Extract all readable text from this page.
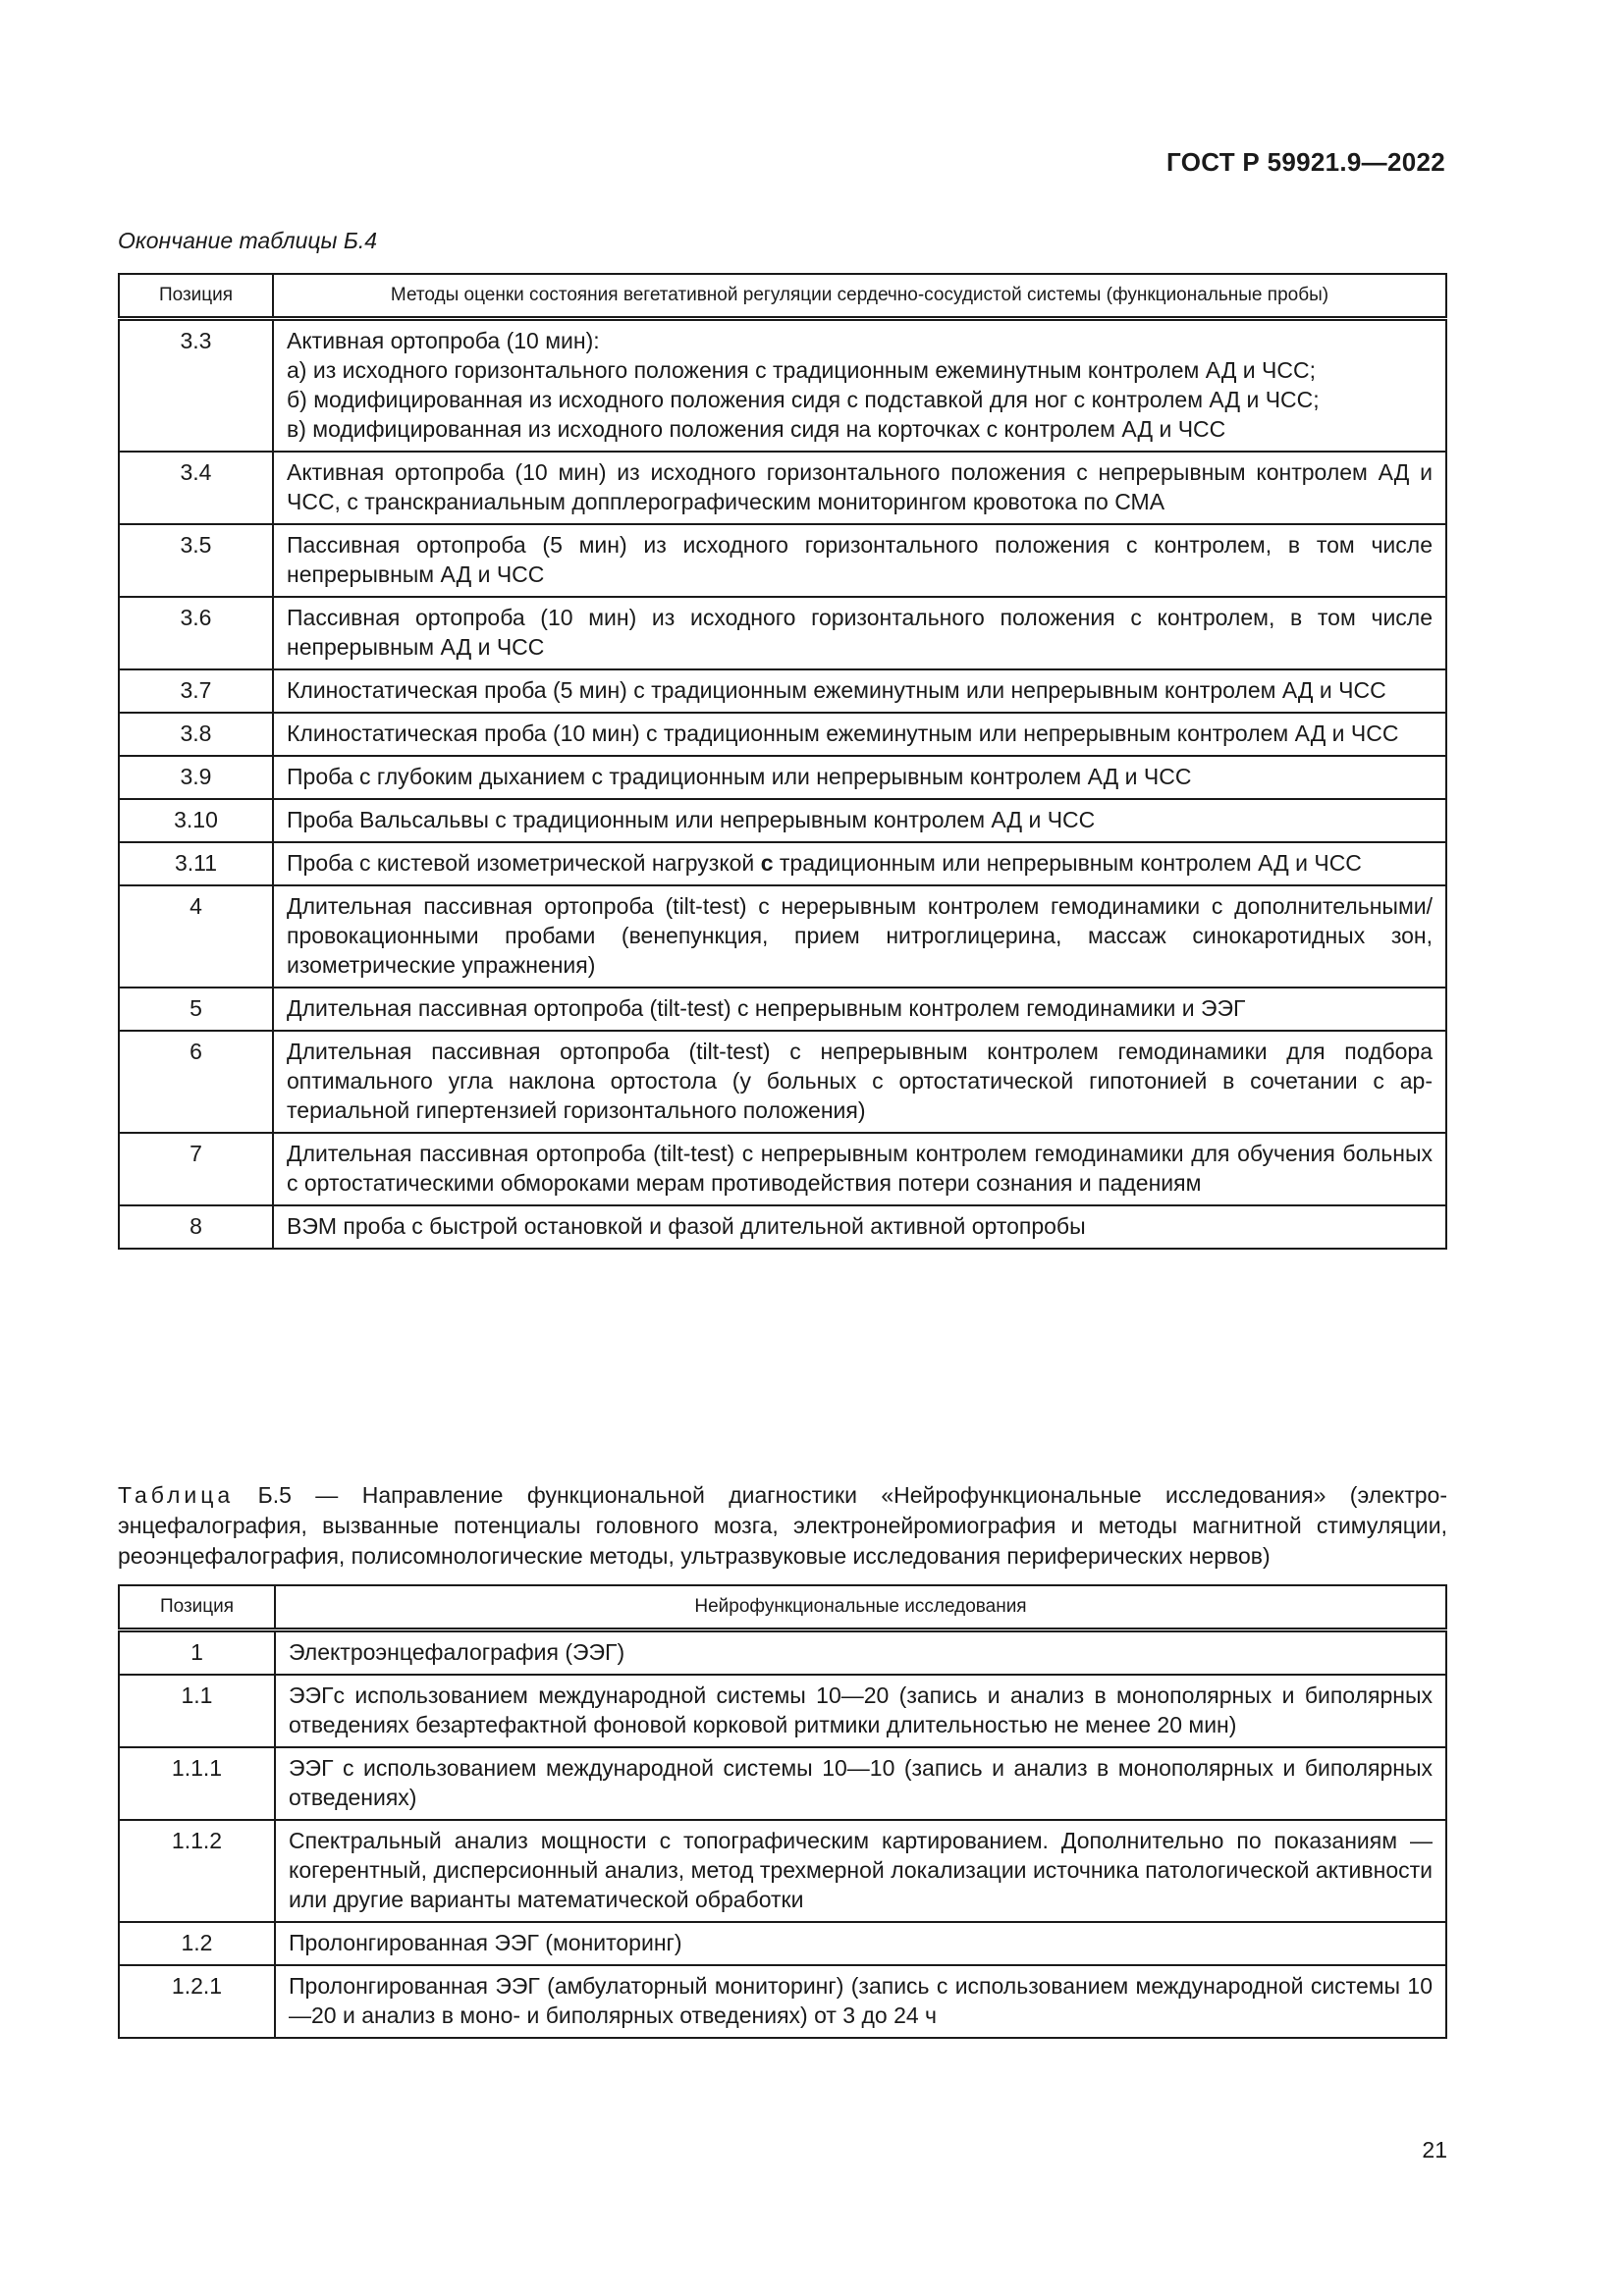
ГОСТ Р 59921.9—2022
Окончание таблицы Б.4
Позиция	Методы оценки состояния вегетативной регуляции сердечно-сосудистой системы (функциональные пробы)
3.3	Активная ортопроба (10 мин):
а) из исходного горизонтального положения с традиционным ежеминутным контролем АД и ЧСС;
б) модифицированная из исходного положения сидя с подставкой для ног с контролем АД и ЧСС;
в) модифицированная из исходного положения сидя на корточках с контролем АД и ЧСС

3.4	Активная ортопроба (10 мин) из исходного горизонтального положения с непрерывным контролем АД и ЧСС, с транскраниальным допплерографическим мониторингом кровотока по СМА
3.5	Пассивная ортопроба (5 мин) из исходного горизонтального положения с контролем, в том числе непрерывным АД и ЧСС
3.6	Пассивная ортопроба (10 мин) из исходного горизонтального положения с контролем, в том числе непрерывным АД и ЧСС
3.7	Клиностатическая проба (5 мин) с традиционным ежеминутным или непрерывным контролем АД и ЧСС
3.8	Клиностатическая проба (10 мин) с традиционным ежеминутным или непрерывным контролем АД и ЧСС
3.9	Проба с глубоким дыханием с традиционным или непрерывным контролем АД и ЧСС
3.10	Проба Вальсальвы с традиционным или непрерывным контролем АД и ЧСС
3.11	Проба с кистевой изометрической нагрузкой с традиционным или непрерывным контролем АД и ЧСС
4	Длительная пассивная ортопроба (tilt-test) с нерерывным контролем гемодинамики с дополнительными/провокационными пробами (венепункция, прием нитроглицерина, массаж синокаротидных зон, изометрические упражнения)
5	Длительная пассивная ортопроба (tilt-test) с непрерывным контролем гемодинамики и ЭЭГ
6	Длительная пассивная ортопроба (tilt-test) с непрерывным контролем гемодинамики для подбора оптимального угла наклона ортостола (у больных с ортостатической гипотонией в сочетании с артериальной гипертензией горизонтального положения)
7	Длительная пассивная ортопроба (tilt-test) с непрерывным контролем гемодинамики для обучения больных с ортостатическими обмороками мерам противодействия потери сознания и падениям
8	ВЭМ проба с быстрой остановкой и фазой длительной активной ортопробы
Таблица Б.5 — Направление функциональной диагностики «Нейрофункциональные исследования» (электроэнцефалография, вызванные потенциалы головного мозга, электронейромиография и методы магнитной стимуляции, реоэнцефалография, полисомнологические методы, ультразвуковые исследования периферических нервов)
Позиция	Нейрофункциональные исследования
1	Электроэнцефалография (ЭЭГ)
1.1	ЭЭГс использованием международной системы 10—20 (запись и анализ в монополярных и биполярных отведениях безартефактной фоновой корковой ритмики длительностью не менее 20 мин)
1.1.1	ЭЭГ с использованием международной системы 10—10 (запись и анализ в монополярных и биполярных отведениях)
1.1.2	Спектральный анализ мощности с топографическим картированием. Дополнительно по показаниям — когерентный, дисперсионный анализ, метод трехмерной локализации источника патологической активности или другие варианты математической обработки
1.2	Пролонгированная ЭЭГ (мониторинг)
1.2.1	Пролонгированная ЭЭГ (амбулаторный мониторинг) (запись с использованием международной системы 10—20 и анализ в моно- и биполярных отведениях) от 3 до 24 ч
21
